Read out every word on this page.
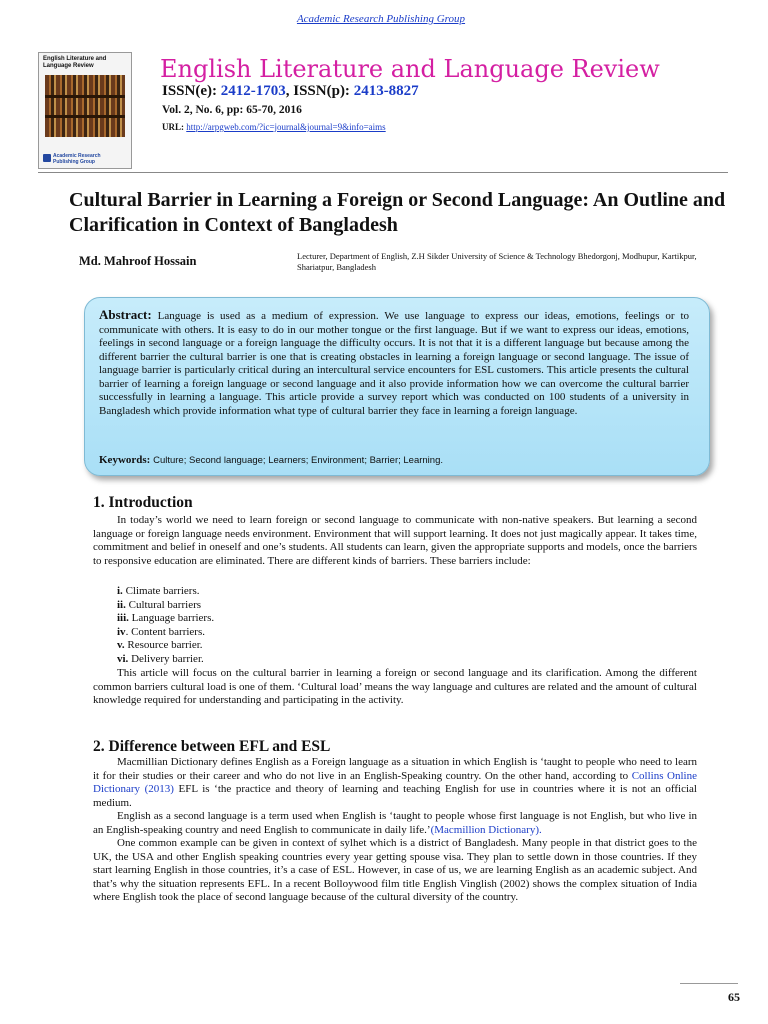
Academic Research Publishing Group
English Literature and Language Review
Academic Research Publishing Group
English Literature and Language Review
ISSN(e): 2412-1703, ISSN(p): 2413-8827
Vol. 2, No. 6, pp: 65-70, 2016
URL: http://arpgweb.com/?ic=journal&journal=9&info=aims
Cultural Barrier in Learning a Foreign or Second Language: An Outline and Clarification in Context of Bangladesh
Md. Mahroof Hossain	Lecturer, Department of English, Z.H Sikder University of Science & Technology Bhedorgonj, Modhupur, Kartikpur, Shariatpur, Bangladesh
Abstract: Language is used as a medium of expression. We use language to express our ideas, emotions, feelings or to communicate with others. It is easy to do in our mother tongue or the first language. But if we want to express our ideas, emotions, feelings in second language or a foreign language the difficulty occurs. It is not that it is a different language but because among the different barrier the cultural barrier is one that is creating obstacles in learning a foreign language or second language. The issue of language barrier is particularly critical during an intercultural service encounters for ESL customers. This article presents the cultural barrier of learning a foreign language or second language and it also provide information how we can overcome the cultural barrier successfully in learning a language. This article provide a survey report which was conducted on 100 students of a university in Bangladesh which provide information what type of cultural barrier they face in learning a foreign language.
Keywords: Culture; Second language; Learners; Environment; Barrier; Learning.
1. Introduction

In today’s world we need to learn foreign or second language to communicate with non-native speakers. But learning a second language or foreign language needs environment. Environment that will support learning. It does not just magically appear. It takes time, commitment and belief in oneself and one’s students. All students can learn, given the appropriate supports and models, once the barriers to responsive education are eliminated. There are different kinds of barriers. These barriers include:

i. Climate barriers.
ii. Cultural barriers
iii. Language barriers.
iv. Content barriers.
v. Resource barrier.
vi. Delivery barrier.

This article will focus on the cultural barrier in learning a foreign or second language and its clarification. Among the different common barriers cultural load is one of them. ‘Cultural load’ means the way language and cultures are related and the amount of cultural knowledge required for understanding and participating in the activity.

2. Difference between EFL and ESL

Macmillian Dictionary defines English as a Foreign language as a situation in which English is ‘taught to people who need to learn it for their studies or their career and who do not live in an English-Speaking country. On the other hand, according to Collins Online Dictionary (2013) EFL is ‘the practice and theory of learning and teaching English for use in countries where it is not an official medium.

English as a second language is a term used when English is ‘taught to people whose first language is not English, but who live in an English-speaking country and need English to communicate in daily life.’(Macmillion Dictionary).

One common example can be given in context of sylhet which is a district of Bangladesh. Many people in that district goes to the UK, the USA and other English speaking countries every year getting spouse visa. They plan to settle down in those countries. If they start learning English in those countries, it’s a case of ESL. However, in case of us, we are learning English as an academic subject. And that’s why the situation represents EFL. In a recent Bolloywood film title English Vinglish (2002) shows the complex situation of India where English took the place of second language because of the cultural diversity of the country.

65
